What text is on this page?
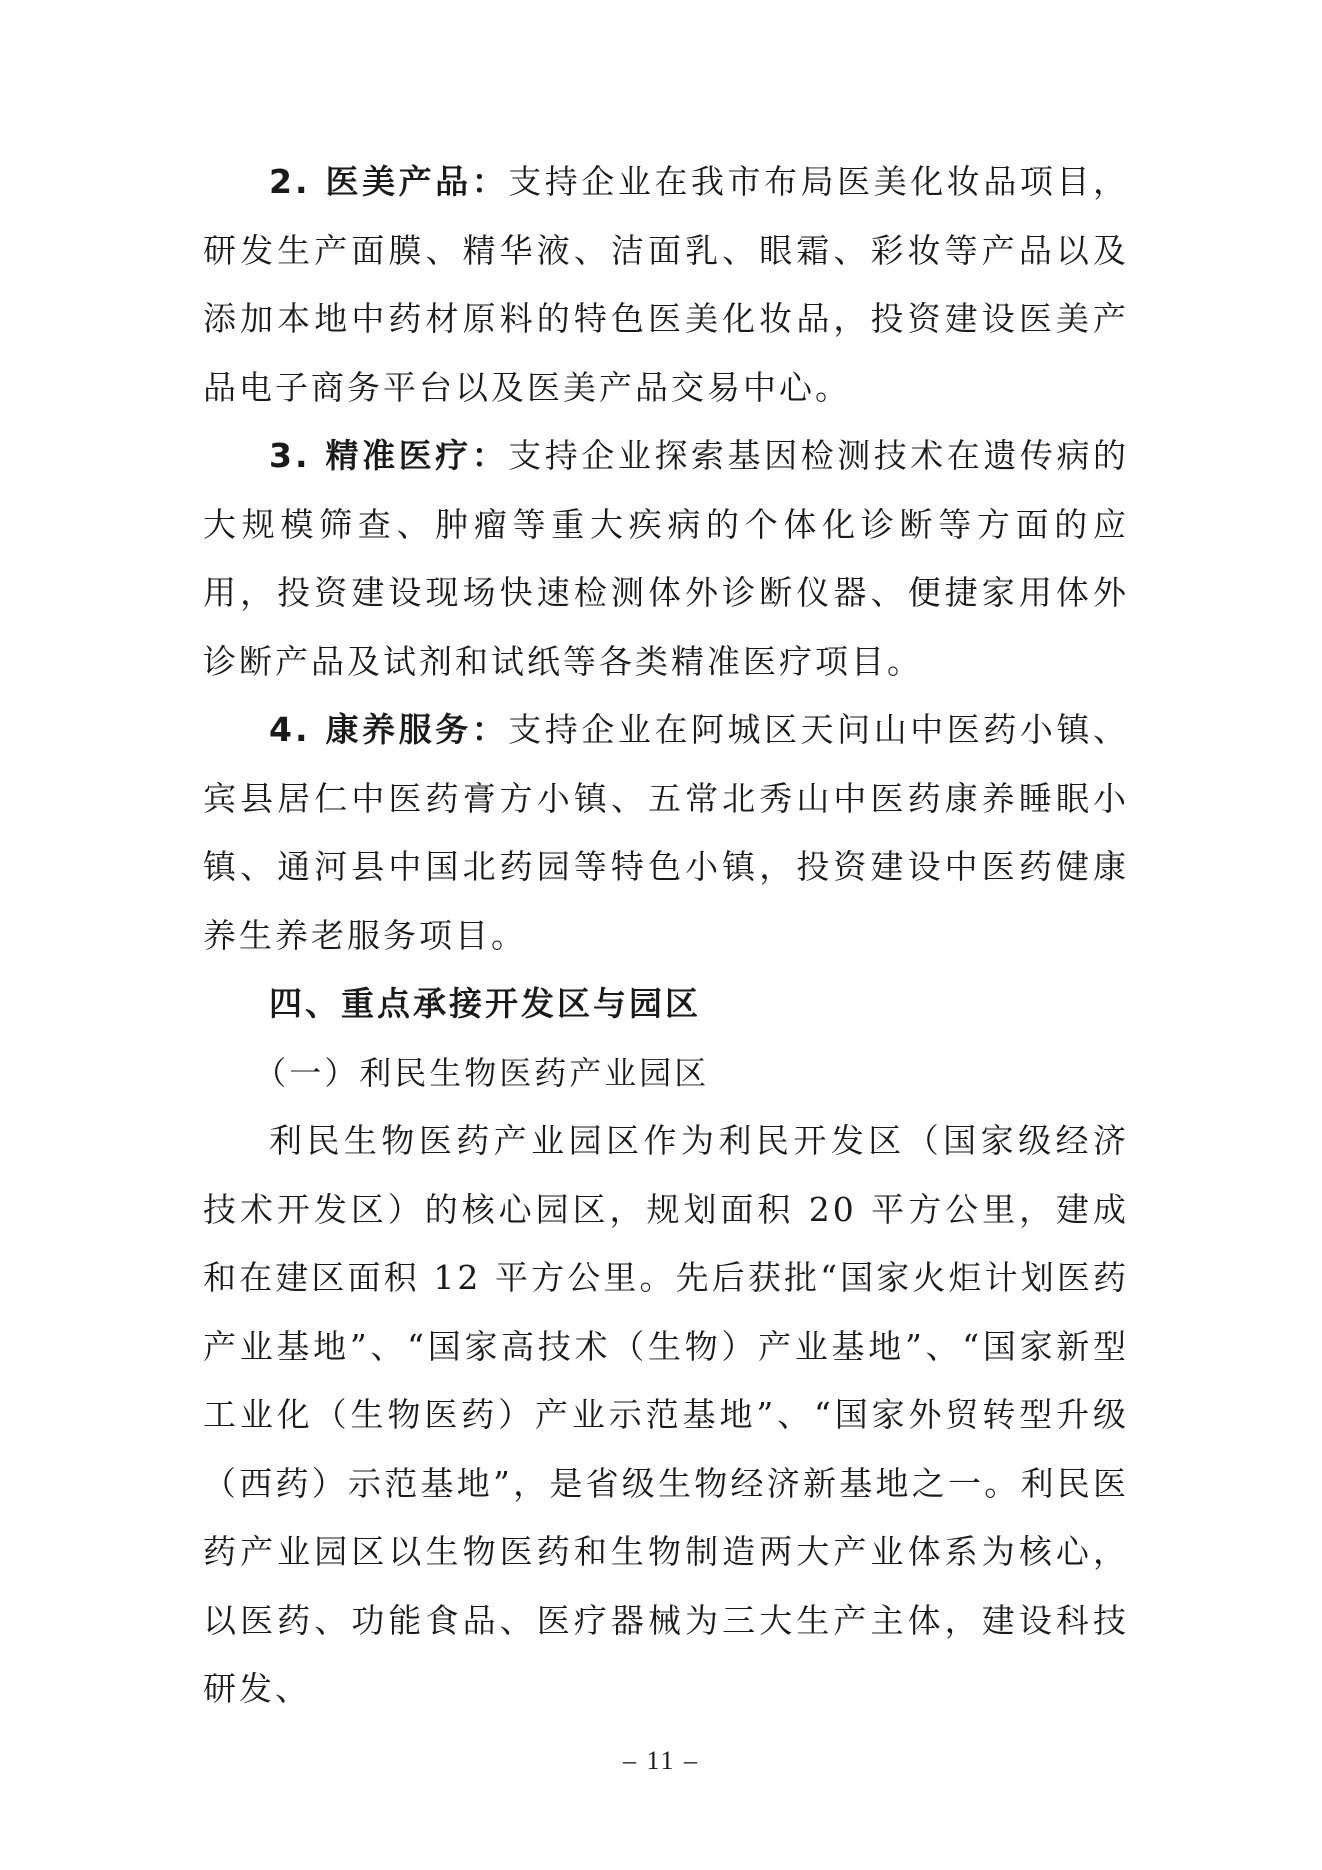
2. 医美产品：支持企业在我市布局医美化妆品项目，研发生产面膜、精华液、洁面乳、眼霜、彩妆等产品以及添加本地中药材原料的特色医美化妆品，投资建设医美产品电子商务平台以及医美产品交易中心。

3. 精准医疗：支持企业探索基因检测技术在遗传病的大规模筛查、肿瘤等重大疾病的个体化诊断等方面的应用，投资建设现场快速检测体外诊断仪器、便捷家用体外诊断产品及试剂和试纸等各类精准医疗项目。

4. 康养服务：支持企业在阿城区天问山中医药小镇、宾县居仁中医药膏方小镇、五常北秀山中医药康养睡眠小镇、通河县中国北药园等特色小镇，投资建设中医药健康养生养老服务项目。

四、重点承接开发区与园区

（一）利民生物医药产业园区

利民生物医药产业园区作为利民开发区（国家级经济技术开发区）的核心园区，规划面积 20 平方公里，建成和在建区面积 12 平方公里。先后获批“国家火炬计划医药产业基地”、“国家高技术（生物）产业基地”、“国家新型工业化（生物医药）产业示范基地”、“国家外贸转型升级（西药）示范基地”，是省级生物经济新基地之一。利民医药产业园区以生物医药和生物制造两大产业体系为核心，以医药、功能食品、医疗器械为三大生产主体，建设科技研发、

– 11 –
